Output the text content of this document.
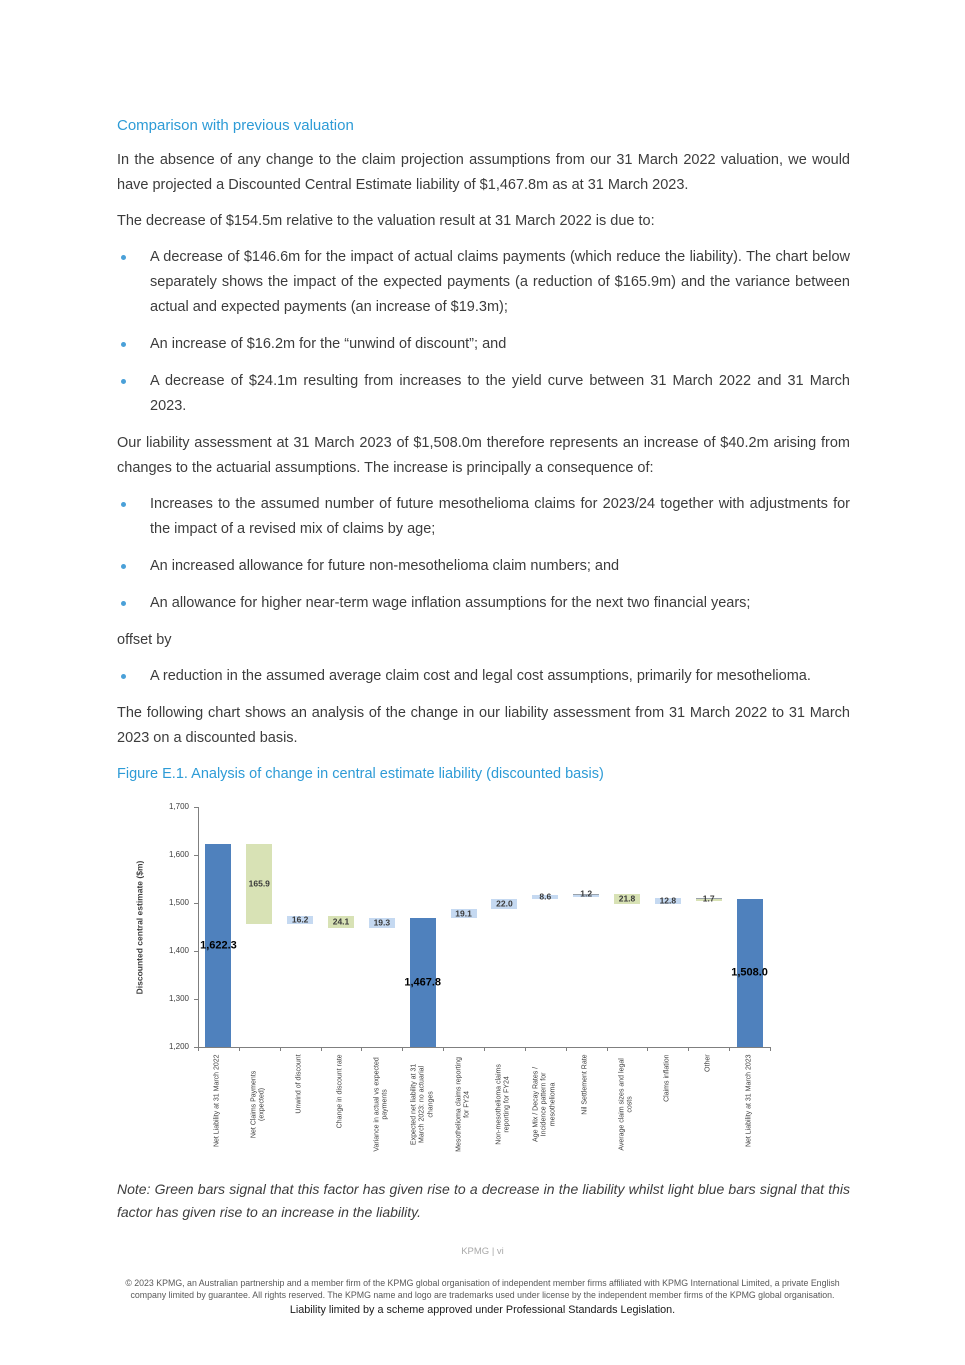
Comparison with previous valuation

In the absence of any change to the claim projection assumptions from our 31 March 2022 valuation, we would have projected a Discounted Central Estimate liability of $1,467.8m as at 31 March 2023.

The decrease of $154.5m relative to the valuation result at 31 March 2022 is due to:

A decrease of $146.6m for the impact of actual claims payments (which reduce the liability). The chart below separately shows the impact of the expected payments (a reduction of $165.9m) and the variance between actual and expected payments (an increase of $19.3m);
An increase of $16.2m for the “unwind of discount”; and
A decrease of $24.1m resulting from increases to the yield curve between 31 March 2022 and 31 March 2023.

Our liability assessment at 31 March 2023 of $1,508.0m therefore represents an increase of $40.2m arising from changes to the actuarial assumptions. The increase is principally a consequence of:

Increases to the assumed number of future mesothelioma claims for 2023/24 together with adjustments for the impact of a revised mix of claims by age;
An increased allowance for future non-mesothelioma claim numbers; and
An allowance for higher near-term wage inflation assumptions for the next two financial years;

offset by

A reduction in the assumed average claim cost and legal cost assumptions, primarily for mesothelioma.

The following chart shows an analysis of the change in our liability assessment from 31 March 2022 to 31 March 2023 on a discounted basis.

Figure E.1. Analysis of change in central estimate liability (discounted basis)
Discounted central estimate ($m)
1,200
1,300
1,400
1,500
1,600
1,700
1,622.3
Net Liability at 31 March 2022
165.9
Net Claims Payments (expected)
16.2
Unwind of discount
24.1
Change in discount rate
19.3
Variance in actual vs expected payments
1,467.8
Expected net liability at 31 March 2023: no actuarial changes
19.1
Mesothelioma claims reporting for FY24
22.0
Non-mesothelioma claims reporting for FY24
8.6
Age Mix / Decay Rates / Incidence pattern for mesothelioma
1.2
Nil Settlement Rate
21.8
Average claim sizes and legal costs
12.8
Claims inflation
1.7
Other
1,508.0
Net Liability at 31 March 2023

Note: Green bars signal that this factor has given rise to a decrease in the liability whilst light blue bars signal that this factor has given rise to an increase in the liability.

KPMG | vi
© 2023 KPMG, an Australian partnership and a member firm of the KPMG global organisation of independent member firms affiliated with KPMG International Limited, a private English company limited by guarantee. All rights reserved. The KPMG name and logo are trademarks used under license by the independent member firms of the KPMG global organisation.
Liability limited by a scheme approved under Professional Standards Legislation.
